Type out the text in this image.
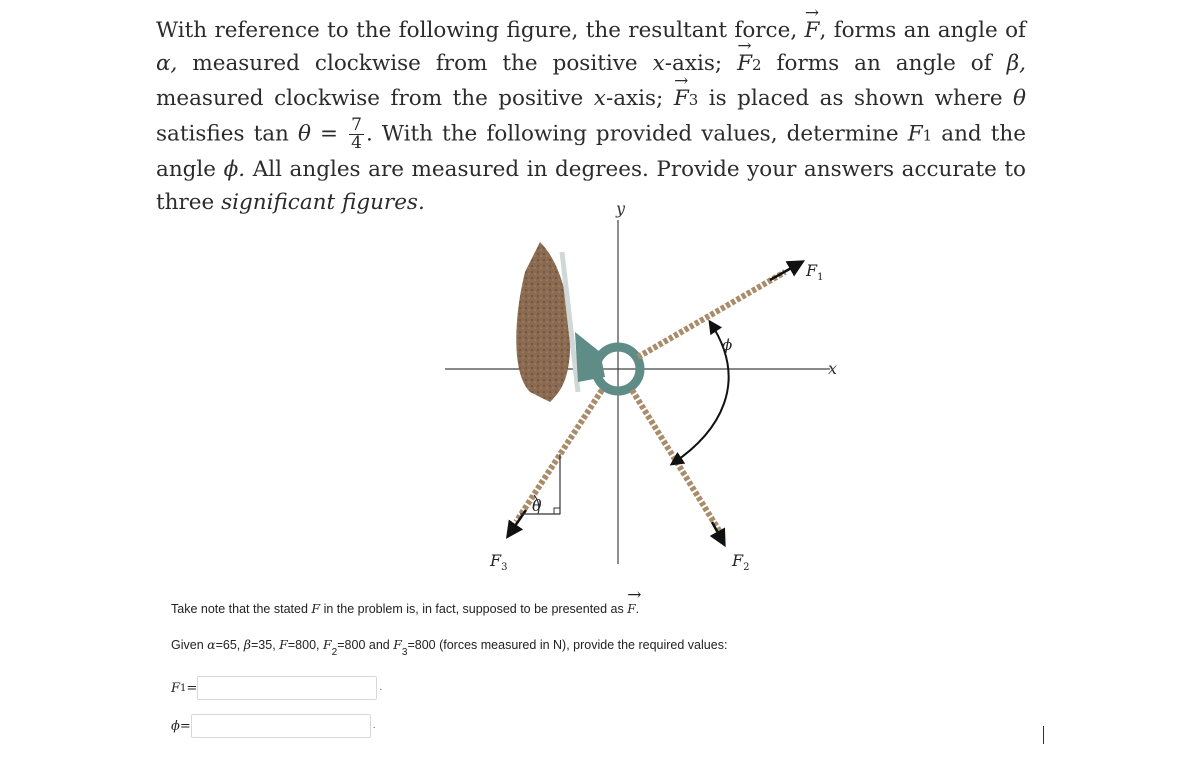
With reference to the following figure, the resultant force, → F, forms an angle of α, measured clockwise from the positive x-axis; → F2 forms an angle of β, measured clockwise from the positive x-axis; → F3 is placed as shown where θ satisfies $\tan \theta = \frac{7}{4}$ . With the following provided values, determine F1 and the angle ϕ. All angles are measured in degrees. Provide your answers accurate to three significant figures.	y
x
θ
ϕ
$F_1$
$F_2$
$F_3$
Take note that the stated F in the problem is, in fact, supposed to be presented as → F.
Given α=65, β=35, F=800, $F_2=800$ and $F_3=800$ (forces measured in N), provide the required values:
F 1 =	.
ϕ =	.
